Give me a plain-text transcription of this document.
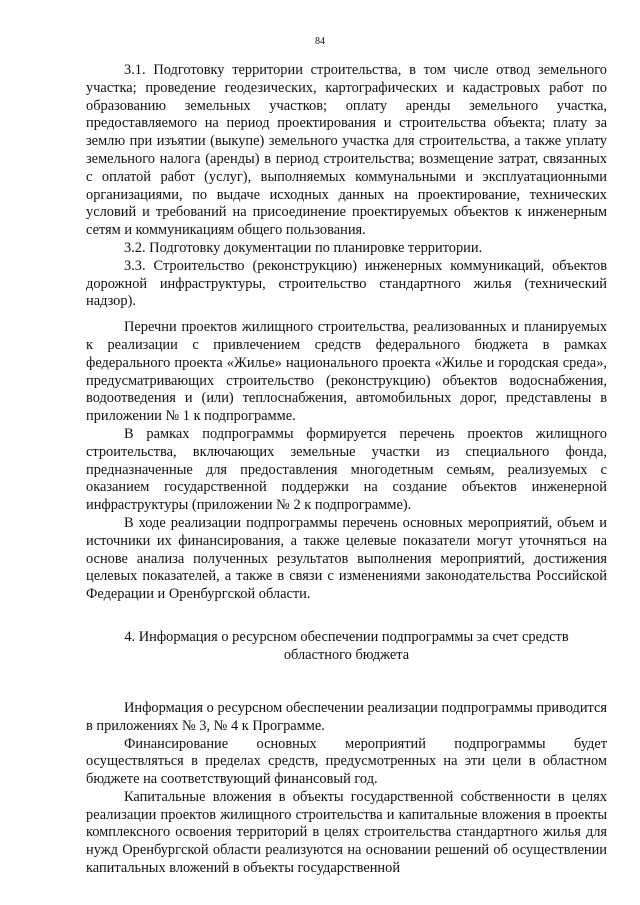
84

3.1. Подготовку территории строительства, в том числе отвод земельного участка; проведение геодезических, картографических и кадастровых работ по образованию земельных участков; оплату аренды земельного участка, предоставляемого на период проектирования и строительства объекта; плату за землю при изъятии (выкупе) земельного участка для строительства, а также уплату земельного налога (аренды) в период строительства; возмещение затрат, связанных с оплатой работ (услуг), выполняемых коммунальными и эксплуатационными организациями, по выдаче исходных данных на проектирование, технических условий и требований на присоединение проектируемых объектов к инженерным сетям и коммуникациям общего пользования.

3.2. Подготовку документации по планировке территории.

3.3. Строительство (реконструкцию) инженерных коммуникаций, объектов дорожной инфраструктуры, строительство стандартного жилья (технический надзор).

Перечни проектов жилищного строительства, реализованных и планируемых к реализации с привлечением средств федерального бюджета в рамках федерального проекта «Жилье» национального проекта «Жилье и городская среда», предусматривающих строительство (реконструкцию) объектов водоснабжения, водоотведения и (или) теплоснабжения, автомобильных дорог, представлены в приложении № 1 к подпрограмме.

В рамках подпрограммы формируется перечень проектов жилищного строительства, включающих земельные участки из специального фонда, предназначенные для предоставления многодетным семьям, реализуемых с оказанием государственной поддержки на создание объектов инженерной инфраструктуры (приложении № 2 к подпрограмме).

В ходе реализации подпрограммы перечень основных мероприятий, объем и источники их финансирования, а также целевые показатели могут уточняться на основе анализа полученных результатов выполнения мероприятий, достижения целевых показателей, а также в связи с изменениями законодательства Российской Федерации и Оренбургской области.

4. Информация о ресурсном обеспечении подпрограммы за счет средств
областного бюджета

Информация о ресурсном обеспечении реализации подпрограммы приводится в приложениях № 3, № 4 к Программе.

Финансирование основных мероприятий подпрограммы будет осуществляться в пределах средств, предусмотренных на эти цели в областном бюджете на соответствующий финансовый год.

Капитальные вложения в объекты государственной собственности в целях реализации проектов жилищного строительства и капитальные вложения в проекты комплексного освоения территорий в целях строительства стандартного жилья для нужд Оренбургской области реализуются на основании решений об осуществлении капитальных вложений в объекты государственной
